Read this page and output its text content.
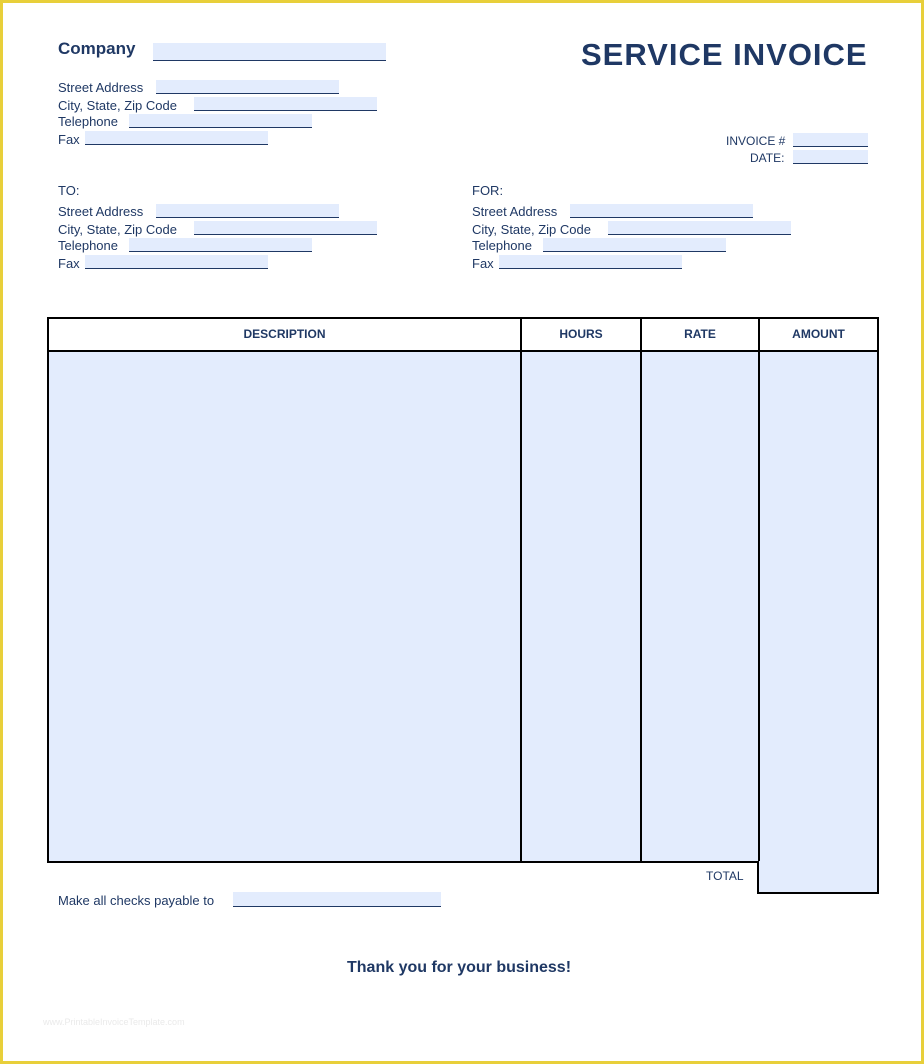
Company	SERVICE INVOICE
Street Address
City, State, Zip Code
Telephone
Fax	INVOICE #
DATE:
TO:
Street Address
City, State, Zip Code
Telephone
Fax
FOR:
Street Address
City, State, Zip Code
Telephone
Fax
DESCRIPTION	HOURS	RATE	AMOUNT
TOTAL
Make all checks payable to
Thank you for your business!
www.PrintableInvoiceTemplate.com
